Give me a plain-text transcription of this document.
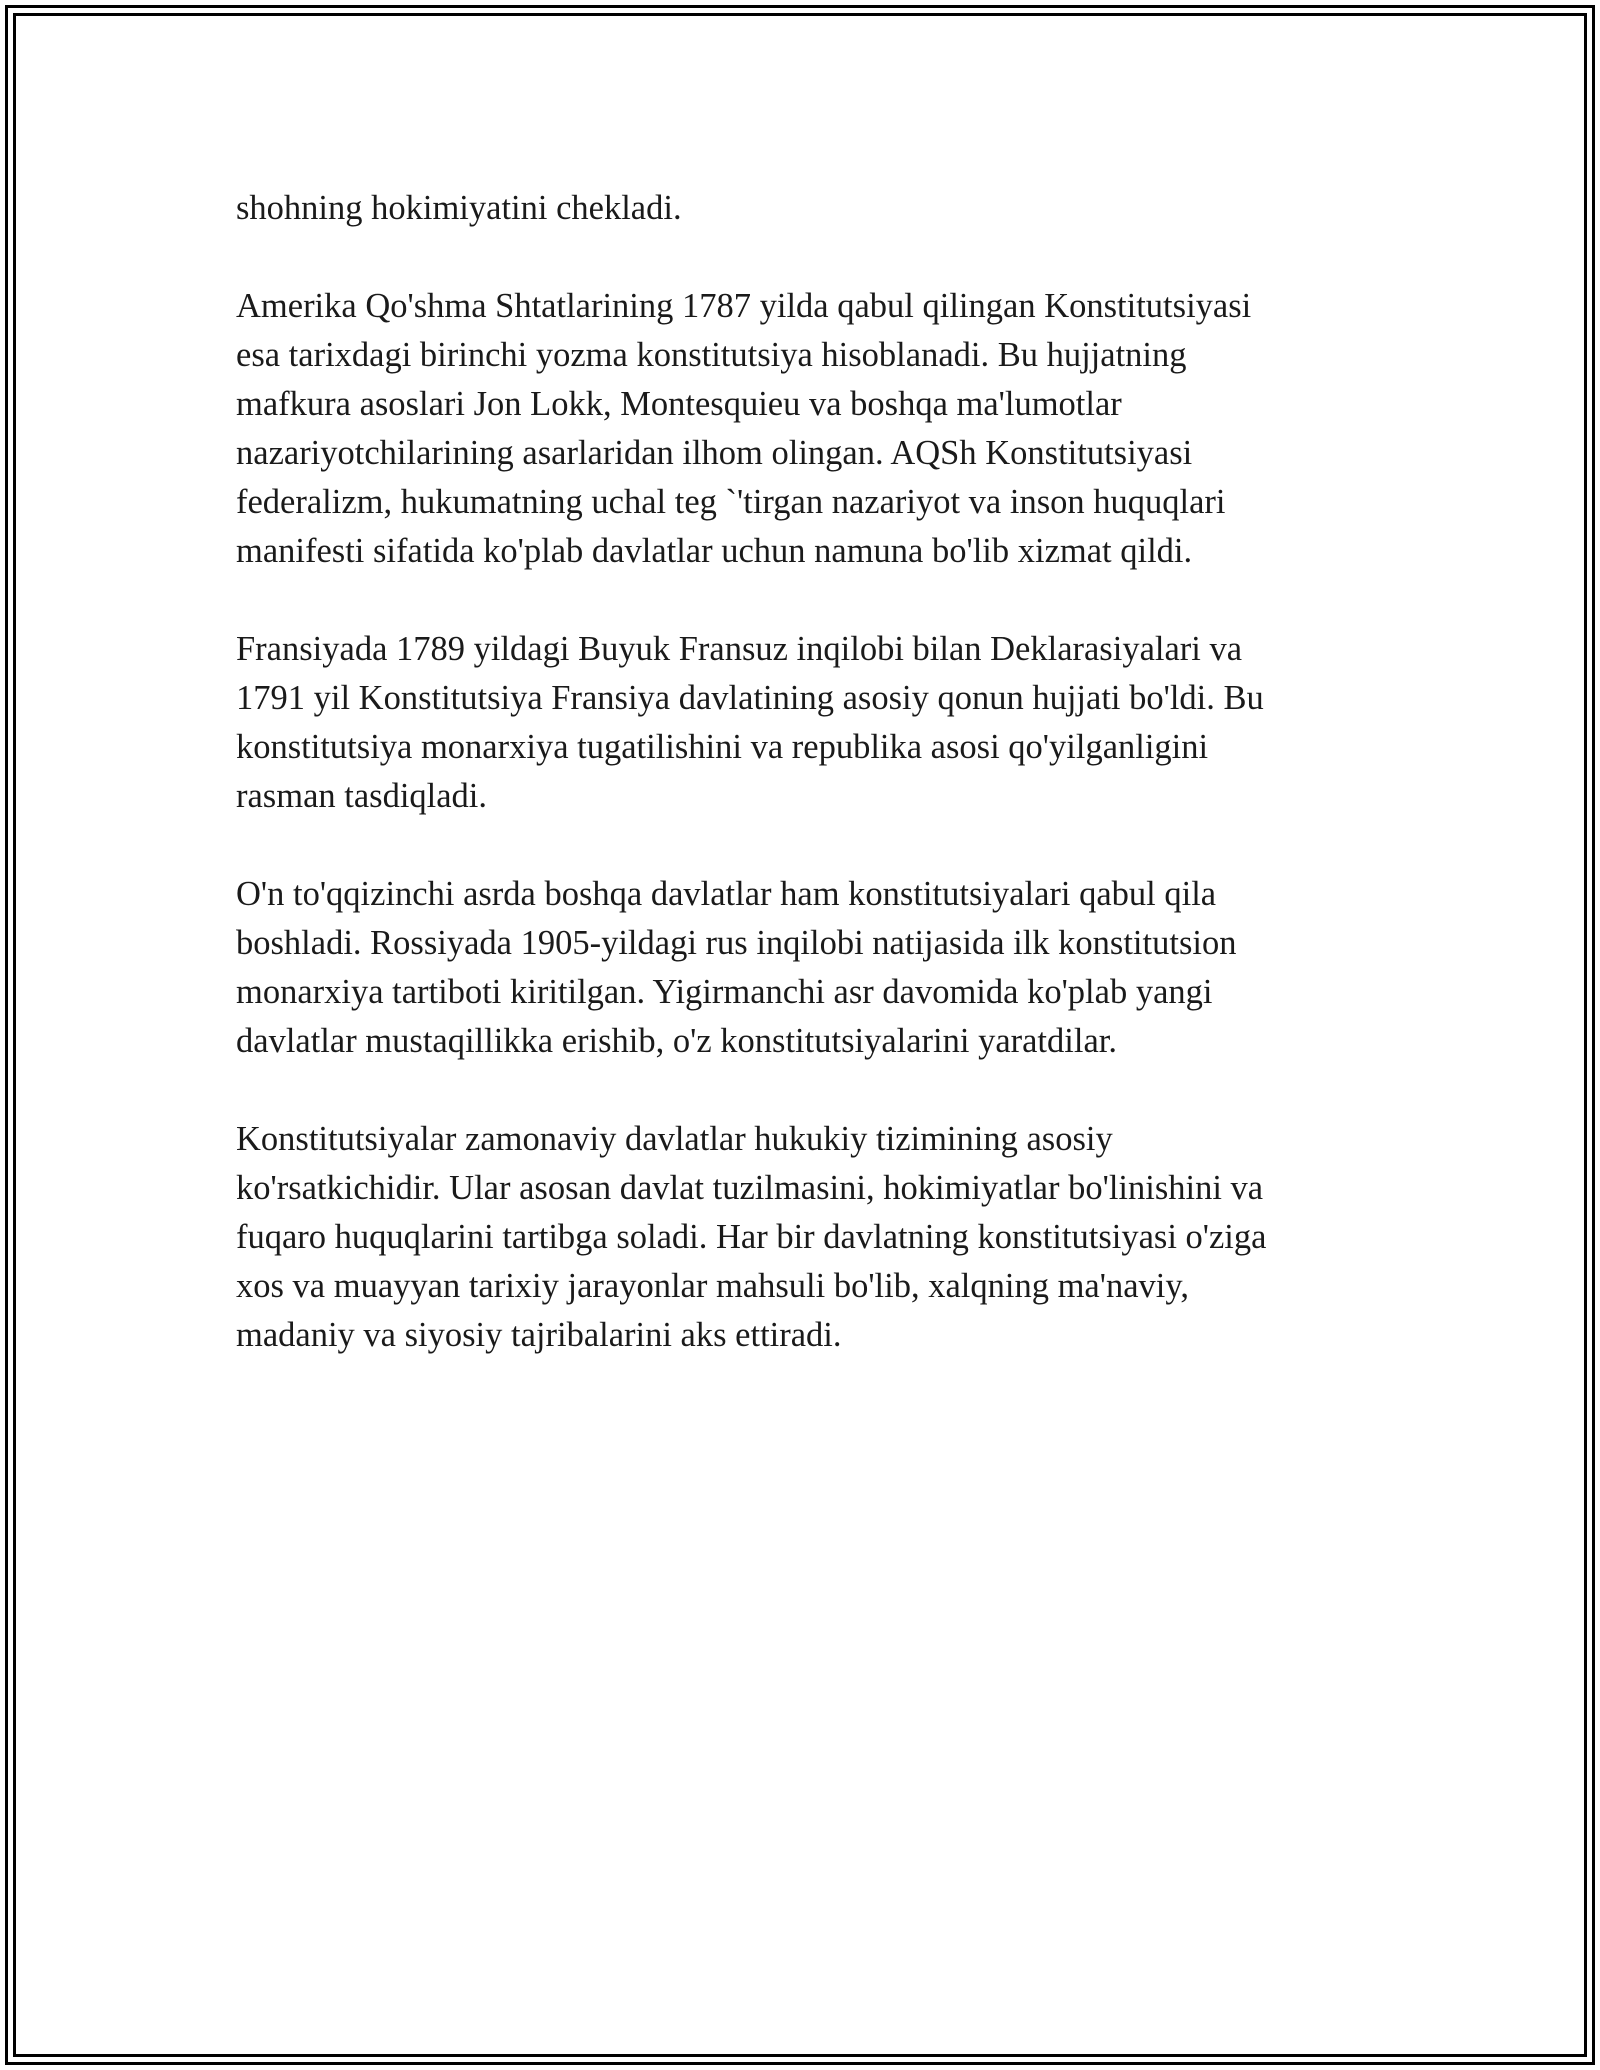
shohning hokimiyatini chekladi.

Amerika Qo'shma Shtatlarining 1787 yilda qabul qilingan Konstitutsiyasi
esa tarixdagi birinchi yozma konstitutsiya hisoblanadi. Bu hujjatning
mafkura asoslari Jon Lokk, Montesquieu va boshqa ma'lumotlar
nazariyotchilarining asarlaridan ilhom olingan. AQSh Konstitutsiyasi
federalizm, hukumatning uchal teg `'tirgan nazariyot va inson huquqlari
manifesti sifatida ko'plab davlatlar uchun namuna bo'lib xizmat qildi.

Fransiyada 1789 yildagi Buyuk Fransuz inqilobi bilan Deklarasiyalari va
1791 yil Konstitutsiya Fransiya davlatining asosiy qonun hujjati bo'ldi. Bu
konstitutsiya monarxiya tugatilishini va republika asosi qo'yilganligini
rasman tasdiqladi.

O'n to'qqizinchi asrda boshqa davlatlar ham konstitutsiyalari qabul qila
boshladi. Rossiyada 1905-yildagi rus inqilobi natijasida ilk konstitutsion
monarxiya tartiboti kiritilgan. Yigirmanchi asr davomida ko'plab yangi
davlatlar mustaqillikka erishib, o'z konstitutsiyalarini yaratdilar.

Konstitutsiyalar zamonaviy davlatlar hukukiy tizimining asosiy
ko'rsatkichidir. Ular asosan davlat tuzilmasini, hokimiyatlar bo'linishini va
fuqaro huquqlarini tartibga soladi. Har bir davlatning konstitutsiyasi o'ziga
xos va muayyan tarixiy jarayonlar mahsuli bo'lib, xalqning ma'naviy,
madaniy va siyosiy tajribalarini aks ettiradi.
